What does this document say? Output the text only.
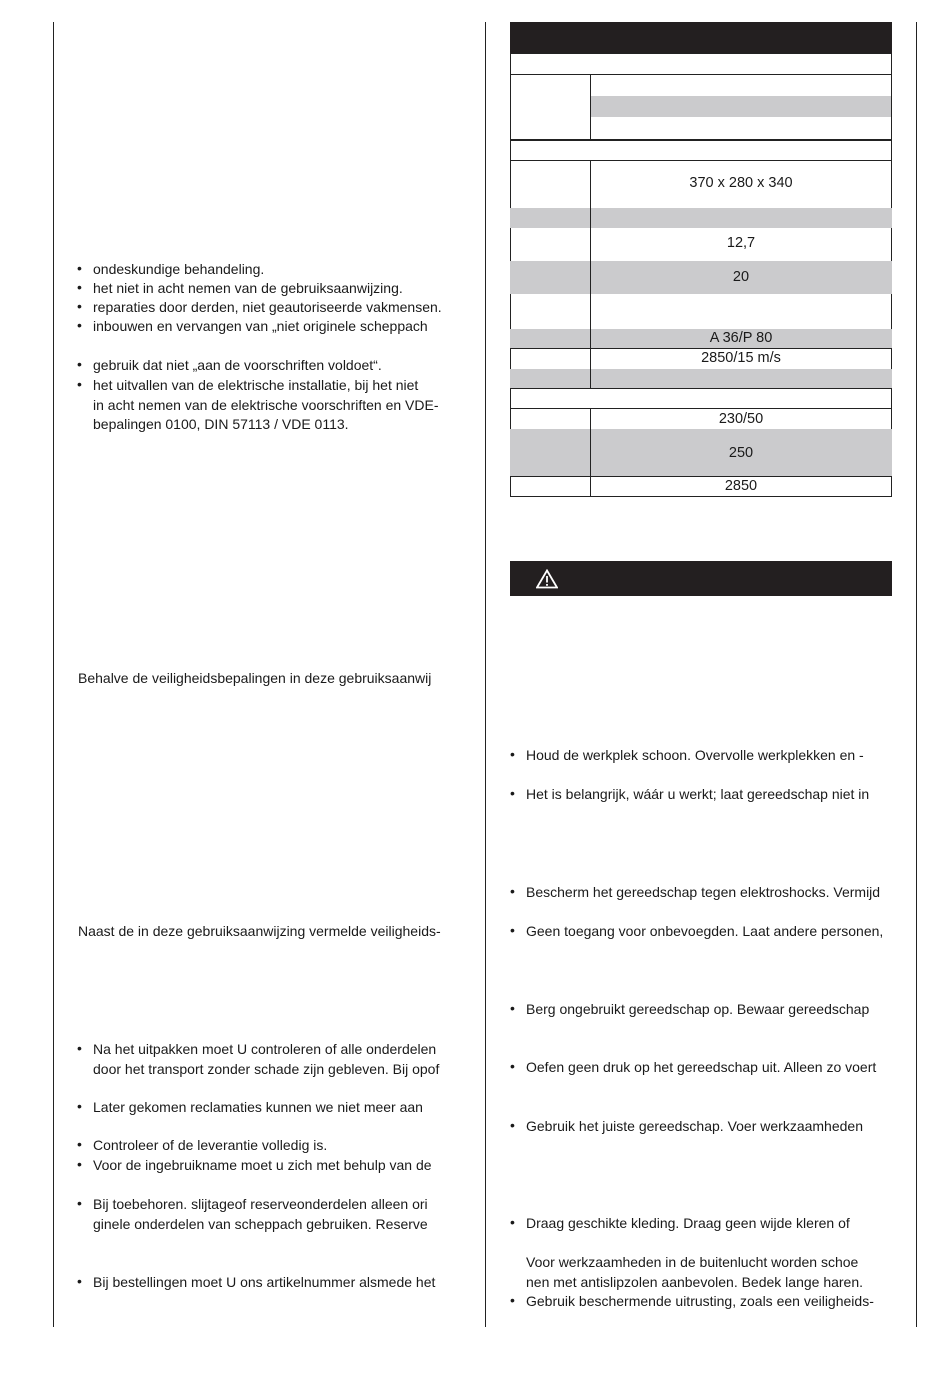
• ondeskundige behandeling.
• het niet in acht nemen van de gebruiksaanwijzing.
• reparaties door derden, niet geautoriseerde vakmensen.
• inbouwen en vervangen van „niet originele scheppach
• gebruik dat niet „aan de voorschriften voldoet“.
• het uitvallen van de elektrische installatie, bij het niet
in acht nemen van de elektrische voorschriften en VDE-
bepalingen 0100, DIN 57113 / VDE 0113.
Behalve de veiligheidsbepalingen in deze gebruiksaanwij
Naast de in deze gebruiksaanwijzing vermelde veiligheids-
• Na het uitpakken moet U controleren of alle onderdelen
door het transport zonder schade zijn gebleven. Bij opof
• Later gekomen reclamaties kunnen we niet meer aan
• Controleer of de leverantie volledig is.
• Voor de ingebruikname moet u zich met behulp van de
• Bij toebehoren. slijtageof reserveonderdelen alleen ori
ginele onderdelen van scheppach gebruiken. Reserve
• Bij bestellingen moet U ons artikelnummer alsmede het
370 x 280 x 340
12,7
20
A 36/P 80
2850/15 m/s
230/50
250
2850
• Houd de werkplek schoon. Overvolle werkplekken en -
• Het is belangrijk, wáár u werkt; laat gereedschap niet in
• Bescherm het gereedschap tegen elektroshocks. Vermijd
• Geen toegang voor onbevoegden. Laat andere personen,
• Berg ongebruikt gereedschap op. Bewaar gereedschap
• Oefen geen druk op het gereedschap uit. Alleen zo voert
• Gebruik het juiste gereedschap. Voer werkzaamheden
• Draag geschikte kleding. Draag geen wijde kleren of
Voor werkzaamheden in de buitenlucht worden schoe
nen met antislipzolen aanbevolen. Bedek lange haren.
• Gebruik beschermende uitrusting, zoals een veiligheids-
